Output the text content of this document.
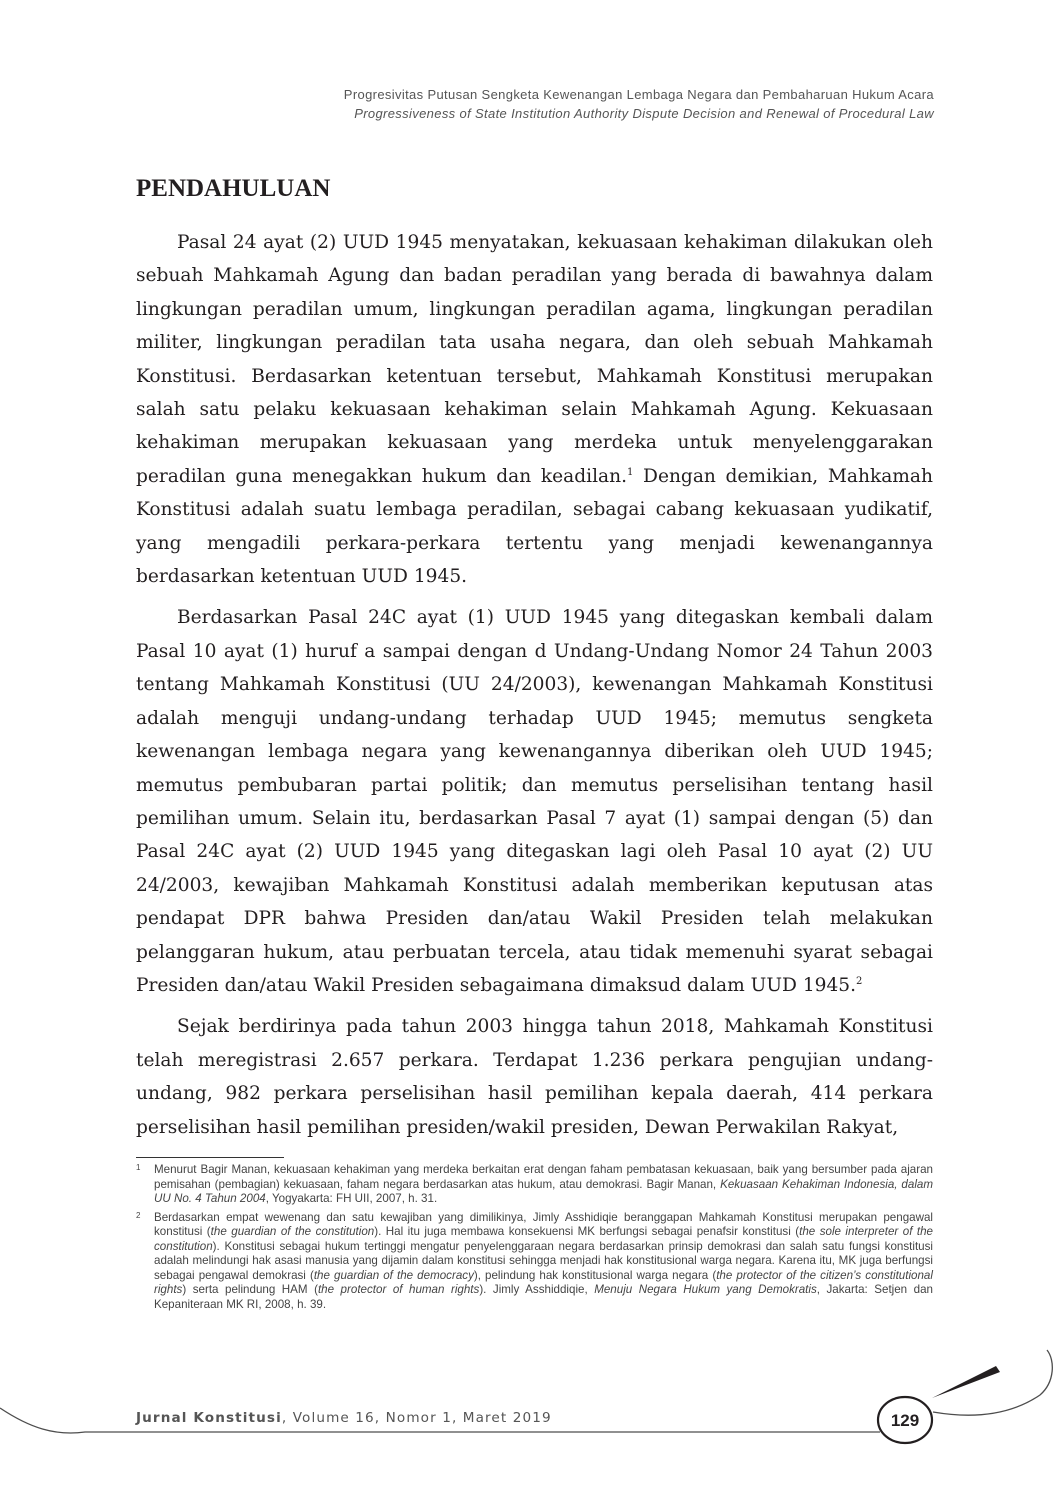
Progresivitas Putusan Sengketa Kewenangan Lembaga Negara dan Pembaharuan Hukum Acara
Progressiveness of State Institution Authority Dispute Decision and Renewal of Procedural Law
PENDAHULUAN

Pasal 24 ayat (2) UUD 1945 menyatakan, kekuasaan kehakiman dilakukan oleh sebuah Mahkamah Agung dan badan peradilan yang berada di bawahnya dalam lingkungan peradilan umum, lingkungan peradilan agama, lingkungan peradilan militer, lingkungan peradilan tata usaha negara, dan oleh sebuah Mahkamah Konstitusi. Berdasarkan ketentuan tersebut, Mahkamah Konstitusi merupakan salah satu pelaku kekuasaan kehakiman selain Mahkamah Agung. Kekuasaan kehakiman merupakan kekuasaan yang merdeka untuk menyelenggarakan peradilan guna menegakkan hukum dan keadilan.$^1$ Dengan demikian, Mahkamah Konstitusi adalah suatu lembaga peradilan, sebagai cabang kekuasaan yudikatif, yang mengadili perkara-perkara tertentu yang menjadi kewenangannya berdasarkan ketentuan UUD 1945.

Berdasarkan Pasal 24C ayat (1) UUD 1945 yang ditegaskan kembali dalam Pasal 10 ayat (1) huruf a sampai dengan d Undang-Undang Nomor 24 Tahun 2003 tentang Mahkamah Konstitusi (UU 24/2003), kewenangan Mahkamah Konstitusi adalah menguji undang-undang terhadap UUD 1945; memutus sengketa kewenangan lembaga negara yang kewenangannya diberikan oleh UUD 1945; memutus pembubaran partai politik; dan memutus perselisihan tentang hasil pemilihan umum. Selain itu, berdasarkan Pasal 7 ayat (1) sampai dengan (5) dan Pasal 24C ayat (2) UUD 1945 yang ditegaskan lagi oleh Pasal 10 ayat (2) UU 24/2003, kewajiban Mahkamah Konstitusi adalah memberikan keputusan atas pendapat DPR bahwa Presiden dan/atau Wakil Presiden telah melakukan pelanggaran hukum, atau perbuatan tercela, atau tidak memenuhi syarat sebagai Presiden dan/atau Wakil Presiden sebagaimana dimaksud dalam UUD 1945.$^2$

Sejak berdirinya pada tahun 2003 hingga tahun 2018, Mahkamah Konstitusi telah meregistrasi 2.657 perkara. Terdapat 1.236 perkara pengujian undang-undang, 982 perkara perselisihan hasil pemilihan kepala daerah, 414 perkara perselisihan hasil pemilihan presiden/wakil presiden, Dewan Perwakilan Rakyat,

1 Menurut Bagir Manan, kekuasaan kehakiman yang merdeka berkaitan erat dengan faham pembatasan kekuasaan, baik yang bersumber pada ajaran pemisahan (pembagian) kekuasaan, faham negara berdasarkan atas hukum, atau demokrasi. Bagir Manan, Kekuasaan Kehakiman Indonesia, dalam UU No. 4 Tahun 2004, Yogyakarta: FH UII, 2007, h. 31.
2 Berdasarkan empat wewenang dan satu kewajiban yang dimilikinya, Jimly Asshidiqie beranggapan Mahkamah Konstitusi merupakan pengawal konstitusi (the guardian of the constitution). Hal itu juga membawa konsekuensi MK berfungsi sebagai penafsir konstitusi (the sole interpreter of the constitution). Konstitusi sebagai hukum tertinggi mengatur penyelenggaraan negara berdasarkan prinsip demokrasi dan salah satu fungsi konstitusi adalah melindungi hak asasi manusia yang dijamin dalam konstitusi sehingga menjadi hak konstitusional warga negara. Karena itu, MK juga berfungsi sebagai pengawal demokrasi (the guardian of the democracy), pelindung hak konstitusional warga negara (the protector of the citizen’s constitutional rights) serta pelindung HAM (the protector of human rights). Jimly Asshiddiqie, Menuju Negara Hukum yang Demokratis, Jakarta: Setjen dan Kepaniteraan MK RI, 2008, h. 39.
129
Jurnal Konstitusi, Volume 16, Nomor 1, Maret 2019
